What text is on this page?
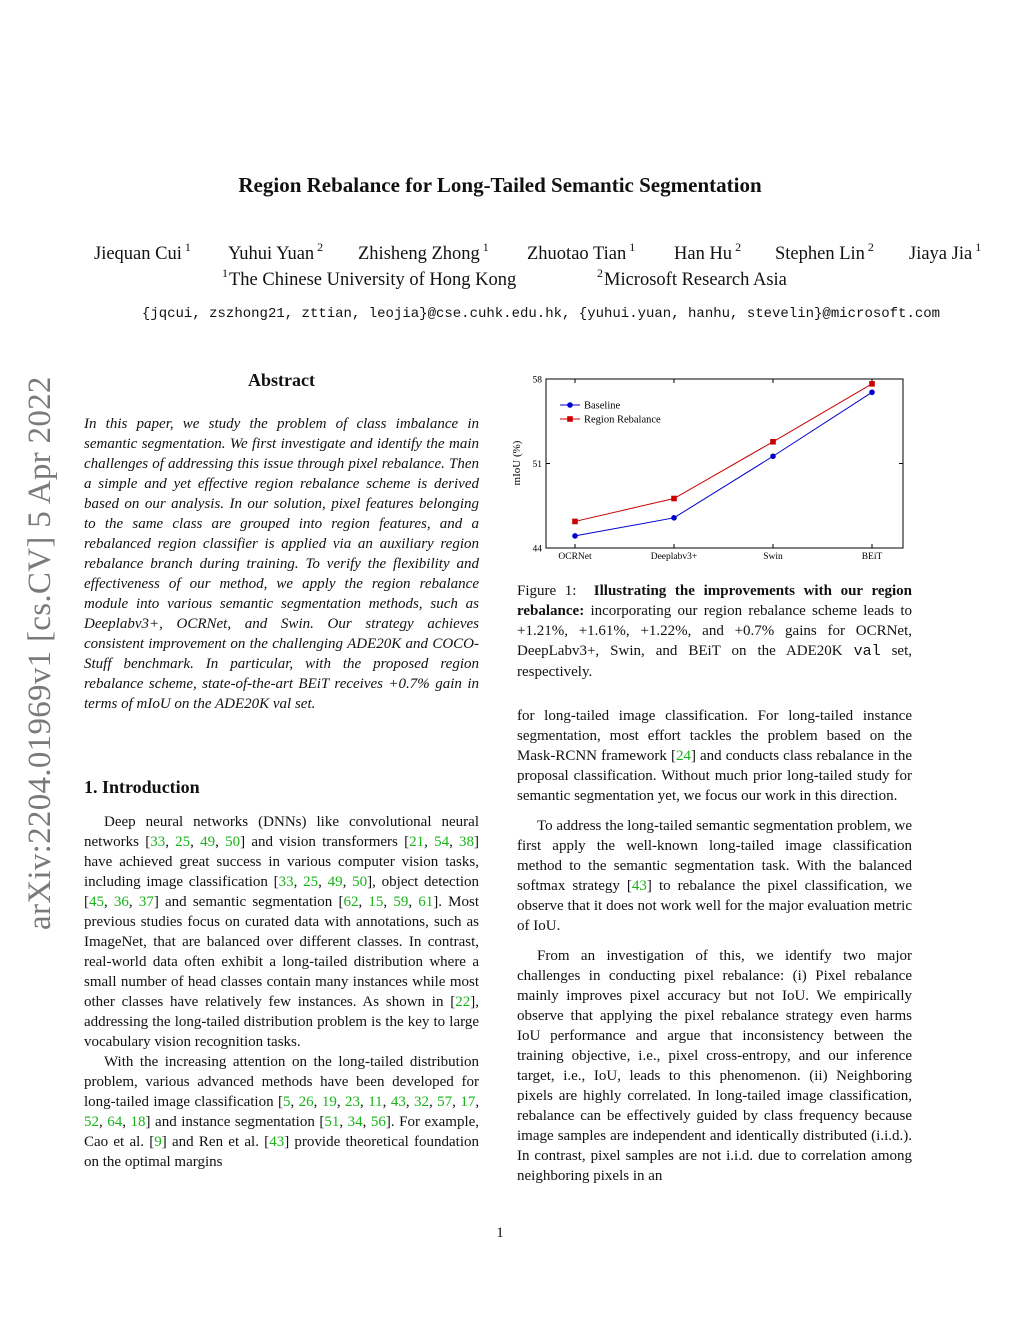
Region Rebalance for Long-Tailed Semantic Segmentation
Jiequan Cui $^1$ Yuhui Yuan $^2$ Zhisheng Zhong $^1$ Zhuotao Tian $^1$ Han Hu $^2$ Stephen Lin $^2$ Jiaya Jia $^1$
$^1$The Chinese University of Hong Kong	$^2$Microsoft Research Asia
{jqcui, zszhong21, zttian, leojia}@cse.cuhk.edu.hk, {yuhui.yuan, hanhu, stevelin}@microsoft.com
arXiv:2204.01969v1 [cs.CV] 5 Apr 2022	Abstract
In this paper, we study the problem of class imbalance in semantic segmentation. We first investigate and identify the main challenges of addressing this issue through pixel rebalance. Then a simple and yet effective region rebalance scheme is derived based on our analysis. In our solution, pixel features belonging to the same class are grouped into region features, and a rebalanced region classifier is applied via an auxiliary region rebalance branch during training. To verify the flexibility and effectiveness of our method, we apply the region rebalance module into various semantic segmentation methods, such as Deeplabv3+, OCRNet, and Swin. Our strategy achieves consistent improvement on the challenging ADE20K and COCO-Stuff benchmark. In particular, with the proposed region rebalance scheme, state-of-the-art BEiT receives +0.7% gain in terms of mIoU on the ADE20K val set.
1. Introduction

Deep neural networks (DNNs) like convolutional neural networks [33, 25, 49, 50] and vision transformers [21, 54, 38] have achieved great success in various computer vision tasks, including image classification [33, 25, 49, 50], object detection [45, 36, 37] and semantic segmentation [62, 15, 59, 61]. Most previous studies focus on curated data with annotations, such as ImageNet, that are balanced over different classes. In contrast, real-world data often exhibit a long-tailed distribution where a small number of head classes contain many instances while most other classes have relatively few instances. As shown in [22], addressing the long-tailed distribution problem is the key to large vocabulary vision recognition tasks.

With the increasing attention on the long-tailed distribution problem, various advanced methods have been developed for long-tailed image classification [5, 26, 19, 23, 11, 43, 32, 57, 17, 52, 64, 18] and instance segmentation [51, 34, 56]. For example, Cao et al. [9] and Ren et al. [43] provide theoretical foundation on the optimal margins

44
51
58
OCRNet	Deeplabv3+	Swin	BEiT
mIoU (%)
Baseline
Region Rebalance
Figure 1: Illustrating the improvements with our region rebalance: incorporating our region rebalance scheme leads to +1.21%, +1.61%, +1.22%, and +0.7% gains for OCRNet, DeepLabv3+, Swin, and BEiT on the ADE20K val set, respectively.

for long-tailed image classification. For long-tailed instance segmentation, most effort tackles the problem based on the Mask-RCNN framework [24] and conducts class rebalance in the proposal classification. Without much prior long-tailed study for semantic segmentation yet, we focus our work in this direction.

To address the long-tailed semantic segmentation problem, we first apply the well-known long-tailed image classification method to the semantic segmentation task. With the balanced softmax strategy [43] to rebalance the pixel classification, we observe that it does not work well for the major evaluation metric of IoU.

From an investigation of this, we identify two major challenges in conducting pixel rebalance: (i) Pixel rebalance mainly improves pixel accuracy but not IoU. We empirically observe that applying the pixel rebalance strategy even harms IoU performance and argue that inconsistency between the training objective, i.e., pixel cross-entropy, and our inference target, i.e., IoU, leads to this phenomenon. (ii) Neighboring pixels are highly correlated. In long-tailed image classification, rebalance can be effectively guided by class frequency because image samples are independent and identically distributed (i.i.d.). In contrast, pixel samples are not i.i.d. due to correlation among neighboring pixels in an

1
